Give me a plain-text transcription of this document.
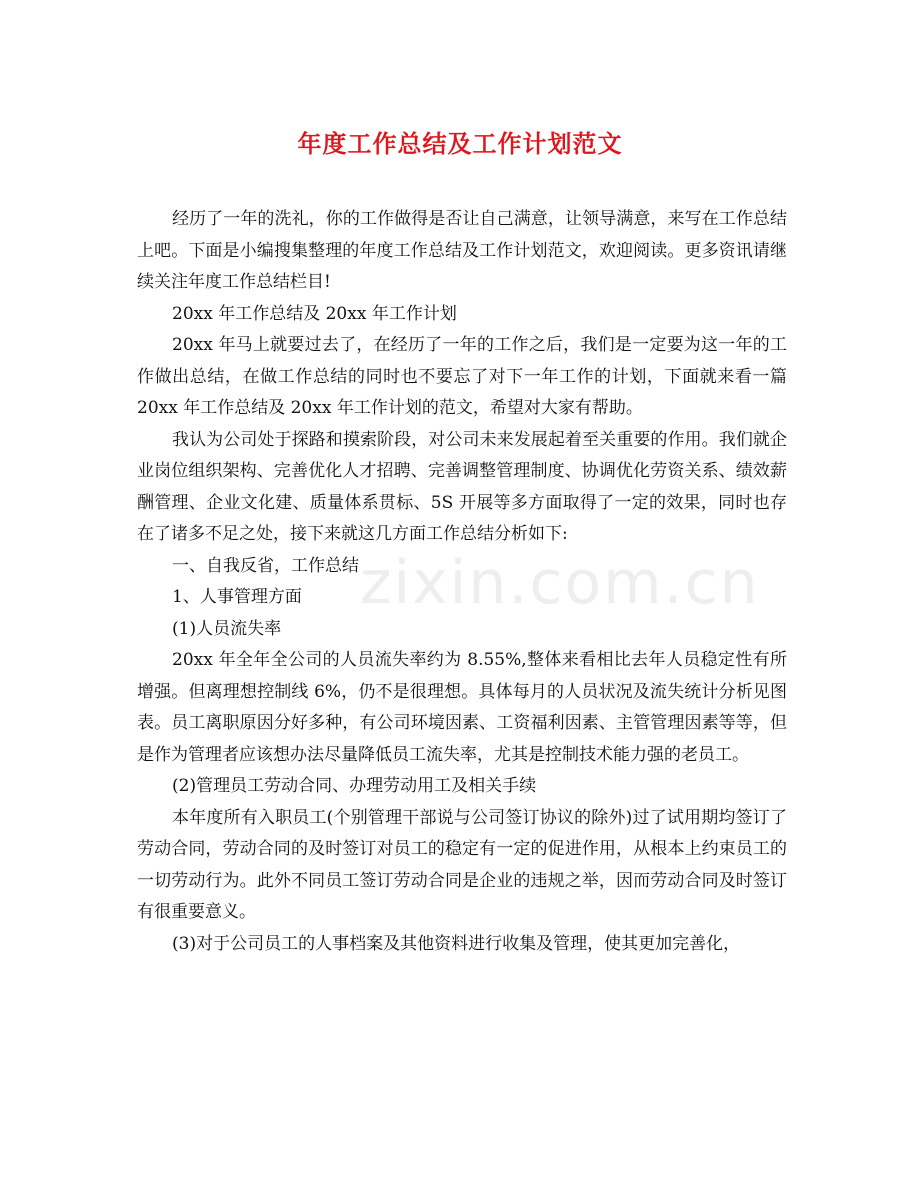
年度工作总结及工作计划范文
zixin.com.cn

经历了一年的洗礼，你的工作做得是否让自己满意，让领导满意，来写在工作总结上吧。下面是小编搜集整理的年度工作总结及工作计划范文，欢迎阅读。更多资讯请继续关注年度工作总结栏目!

20xx 年工作总结及 20xx 年工作计划

20xx 年马上就要过去了，在经历了一年的工作之后，我们是一定要为这一年的工作做出总结，在做工作总结的同时也不要忘了对下一年工作的计划，下面就来看一篇 20xx 年工作总结及 20xx 年工作计划的范文，希望对大家有帮助。

我认为公司处于探路和摸索阶段，对公司未来发展起着至关重要的作用。我们就企业岗位组织架构、完善优化人才招聘、完善调整管理制度、协调优化劳资关系、绩效薪酬管理、企业文化建、质量体系贯标、5S 开展等多方面取得了一定的效果，同时也存在了诸多不足之处，接下来就这几方面工作总结分析如下:

一、自我反省，工作总结

1、人事管理方面

(1)人员流失率

20xx 年全年全公司的人员流失率约为 8.55%,整体来看相比去年人员稳定性有所增强。但离理想控制线 6%，仍不是很理想。具体每月的人员状况及流失统计分析见图表。员工离职原因分好多种，有公司环境因素、工资福利因素、主管管理因素等等，但是作为管理者应该想办法尽量降低员工流失率，尤其是控制技术能力强的老员工。

(2)管理员工劳动合同、办理劳动用工及相关手续

本年度所有入职员工(个别管理干部说与公司签订协议的除外)过了试用期均签订了劳动合同，劳动合同的及时签订对员工的稳定有一定的促进作用，从根本上约束员工的一切劳动行为。此外不同员工签订劳动合同是企业的违规之举，因而劳动合同及时签订有很重要意义。

(3)对于公司员工的人事档案及其他资料进行收集及管理，使其更加完善化，
